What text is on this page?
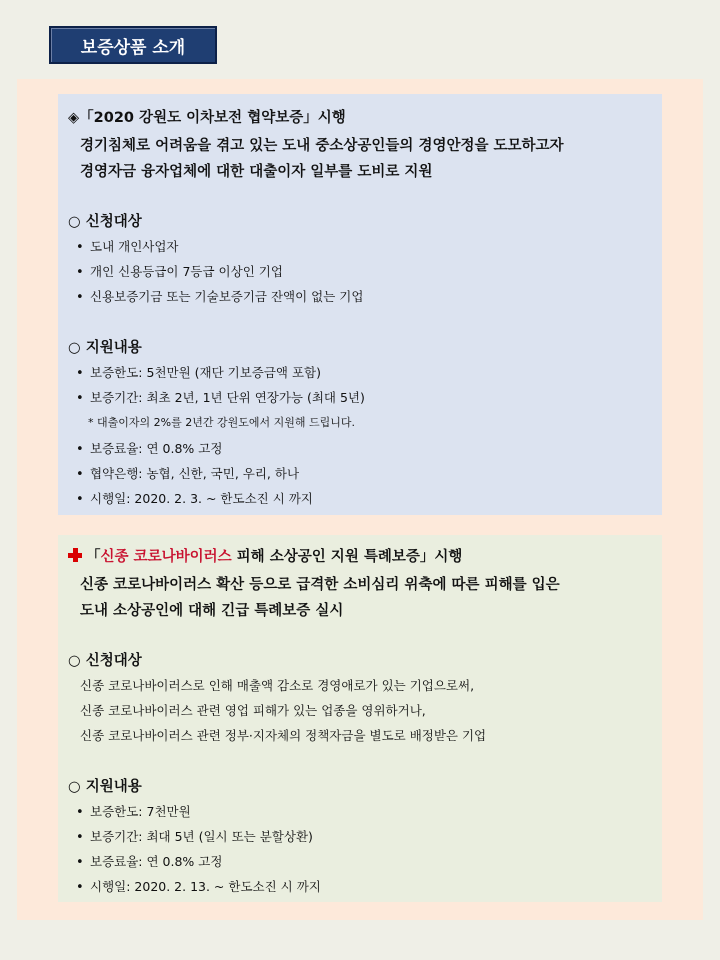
보증상품 소개
◈「2020 강원도 이차보전 협약보증」시행
경기침체로 어려움을 겪고 있는 도내 중소상공인들의 경영안정을 도모하고자
경영자금 융자업체에 대한 대출이자 일부를 도비로 지원
○ 신청대상
• 도내 개인사업자
• 개인 신용등급이 7등급 이상인 기업
• 신용보증기금 또는 기술보증기금 잔액이 없는 기업
○ 지원내용
• 보증한도: 5천만원 (재단 기보증금액 포함)
• 보증기간: 최초 2년, 1년 단위 연장가능 (최대 5년)
* 대출이자의 2%를 2년간 강원도에서 지원해 드립니다.
• 보증료율: 연 0.8% 고정
• 협약은행: 농협, 신한, 국민, 우리, 하나
• 시행일: 2020. 2. 3. ~ 한도소진 시 까지
「신종 코로나바이러스 피해 소상공인 지원 특례보증」시행
신종 코로나바이러스 확산 등으로 급격한 소비심리 위축에 따른 피해를 입은
도내 소상공인에 대해 긴급 특례보증 실시
○ 신청대상
신종 코로나바이러스로 인해 매출액 감소로 경영애로가 있는 기업으로써,
신종 코로나바이러스 관련 영업 피해가 있는 업종을 영위하거나,
신종 코로나바이러스 관련 정부·지자체의 정책자금을 별도로 배정받은 기업
○ 지원내용
• 보증한도: 7천만원
• 보증기간: 최대 5년 (일시 또는 분할상환)
• 보증료율: 연 0.8% 고정
• 시행일: 2020. 2. 13. ~ 한도소진 시 까지
